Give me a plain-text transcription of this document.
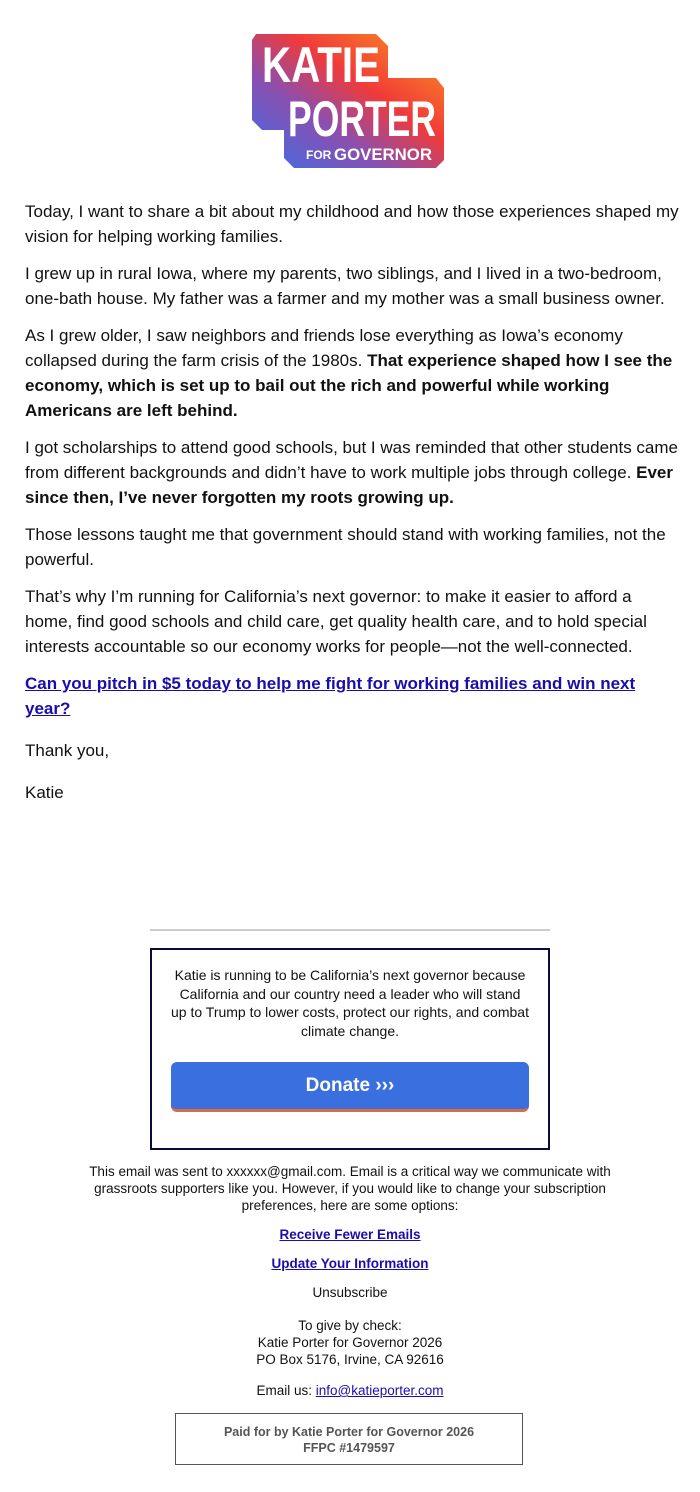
KATIE
PORTER
FOR GOVERNOR

Today, I want to share a bit about my childhood and how those experiences shaped my vision for helping working families.

I grew up in rural Iowa, where my parents, two siblings, and I lived in a two-bedroom, one-bath house. My father was a farmer and my mother was a small business owner.

As I grew older, I saw neighbors and friends lose everything as Iowa’s economy collapsed during the farm crisis of the 1980s. That experience shaped how I see the economy, which is set up to bail out the rich and powerful while working Americans are left behind.

I got scholarships to attend good schools, but I was reminded that other students came from different backgrounds and didn’t have to work multiple jobs through college. Ever since then, I’ve never forgotten my roots growing up.

Those lessons taught me that government should stand with working families, not the powerful.

That’s why I’m running for California’s next governor: to make it easier to afford a home, find good schools and child care, get quality health care, and to hold special interests accountable so our economy works for people—not the well-connected.

Can you pitch in $5 today to help me fight for working families and win next year?

Thank you,

Katie

Katie is running to be California’s next governor because California and our country need a leader who will stand up to Trump to lower costs, protect our rights, and combat climate change.

Donate ›››

This email was sent to xxxxxx@gmail.com. Email is a critical way we communicate with grassroots supporters like you. However, if you would like to change your subscription preferences, here are some options:

Receive Fewer Emails
Update Your Information

Unsubscribe

To give by check:

Katie Porter for Governor 2026

PO Box 5176, Irvine, CA 92616

Email us: info@katieporter.com

Paid for by Katie Porter for Governor 2026
FFPC #1479597
